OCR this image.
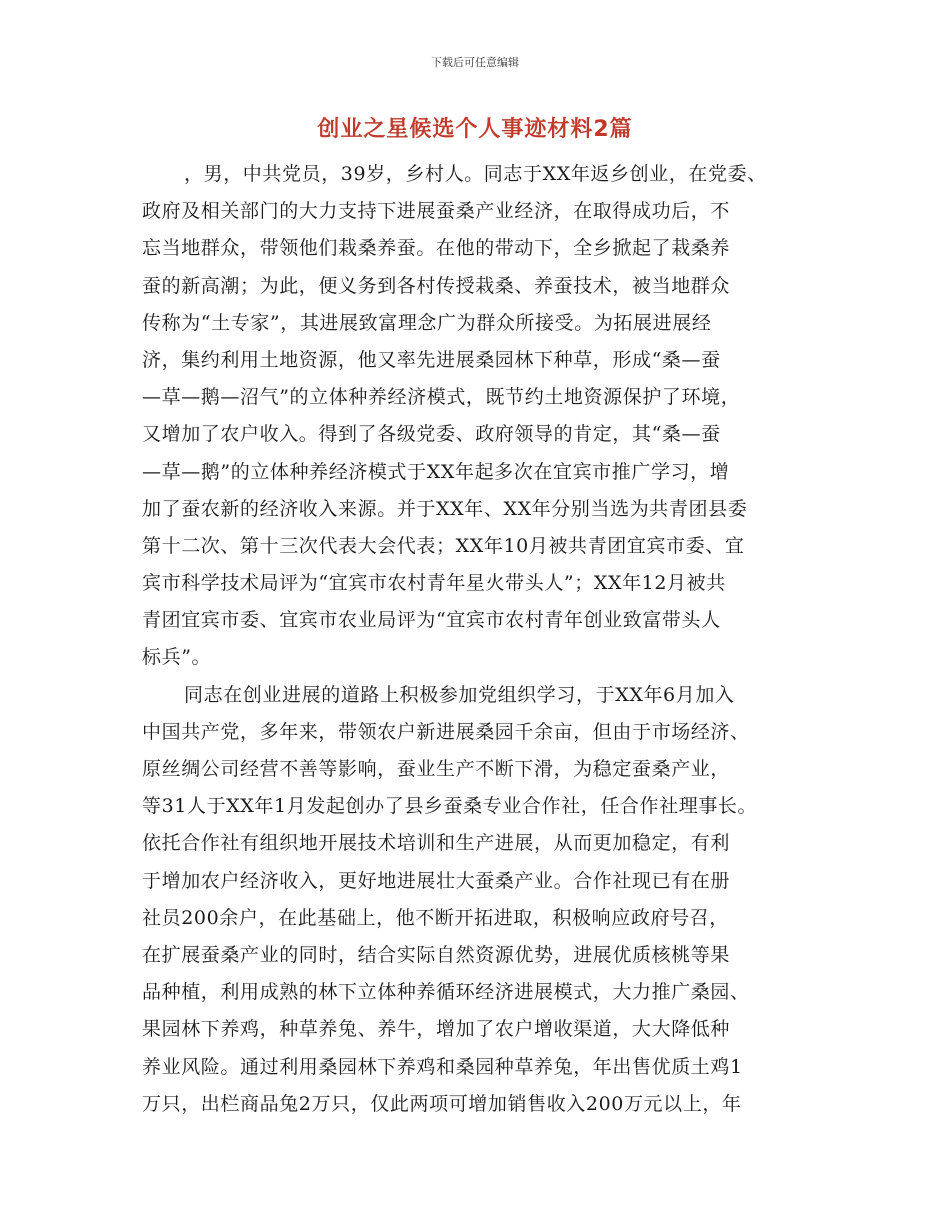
下载后可任意编辑
创业之星候选个人事迹材料2篇
，男，中共党员，39岁，乡村人。同志于XX年返乡创业，在党委、
政府及相关部门的大力支持下进展蚕桑产业经济，在取得成功后，不
忘当地群众，带领他们栽桑养蚕。在他的带动下，全乡掀起了栽桑养
蚕的新高潮；为此，便义务到各村传授栽桑、养蚕技术，被当地群众
传称为“土专家”，其进展致富理念广为群众所接受。为拓展进展经
济，集约利用土地资源，他又率先进展桑园林下种草，形成“桑—蚕
—草—鹅—沼气”的立体种养经济模式，既节约土地资源保护了环境，
又增加了农户收入。得到了各级党委、政府领导的肯定，其“桑—蚕
—草—鹅”的立体种养经济模式于XX年起多次在宜宾市推广学习，增
加了蚕农新的经济收入来源。并于XX年、XX年分别当选为共青团县委
第十二次、第十三次代表大会代表；XX年10月被共青团宜宾市委、宜
宾市科学技术局评为“宜宾市农村青年星火带头人”；XX年12月被共
青团宜宾市委、宜宾市农业局评为“宜宾市农村青年创业致富带头人
标兵”。
同志在创业进展的道路上积极参加党组织学习，于XX年6月加入
中国共产党，多年来，带领农户新进展桑园千余亩，但由于市场经济、
原丝绸公司经营不善等影响，蚕业生产不断下滑，为稳定蚕桑产业，
等31人于XX年1月发起创办了县乡蚕桑专业合作社，任合作社理事长。
依托合作社有组织地开展技术培训和生产进展，从而更加稳定，有利
于增加农户经济收入，更好地进展壮大蚕桑产业。合作社现已有在册
社员200余户，在此基础上，他不断开拓进取，积极响应政府号召，
在扩展蚕桑产业的同时，结合实际自然资源优势，进展优质核桃等果
品种植，利用成熟的林下立体种养循环经济进展模式，大力推广桑园、
果园林下养鸡，种草养兔、养牛，增加了农户增收渠道，大大降低种
养业风险。通过利用桑园林下养鸡和桑园种草养兔，年出售优质土鸡1
万只，出栏商品兔2万只，仅此两项可增加销售收入200万元以上，年
